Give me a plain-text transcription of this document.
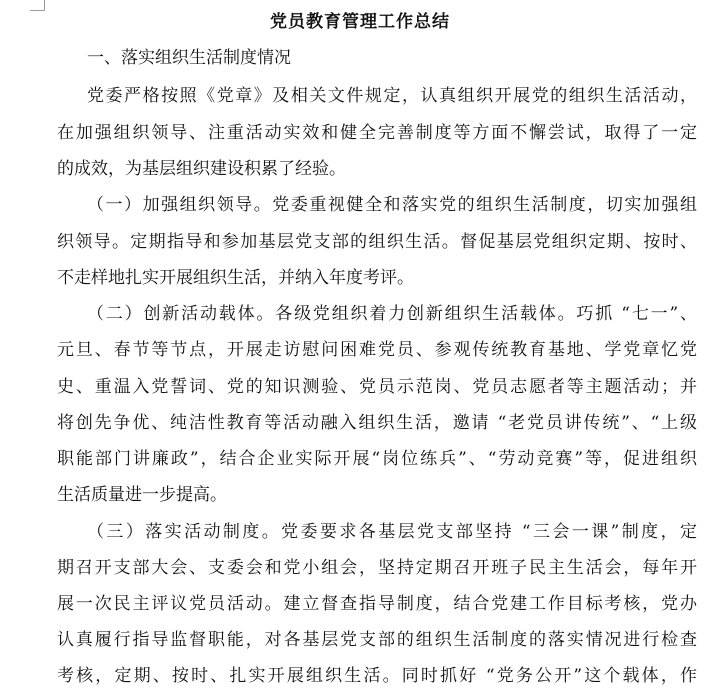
党员教育管理工作总结
一、落实组织生活制度情况
党委严格按照《党章》及相关文件规定，认真组织开展党的组织生活活动，
在加强组织领导、注重活动实效和健全完善制度等方面不懈尝试，取得了一定
的成效，为基层组织建设积累了经验。
（一）加强组织领导。党委重视健全和落实党的组织生活制度，切实加强组
织领导。定期指导和参加基层党支部的组织生活。督促基层党组织定期、按时、
不走样地扎实开展组织生活，并纳入年度考评。
（二）创新活动载体。各级党组织着力创新组织生活载体。巧抓 “七一”、
元旦、春节等节点，开展走访慰问困难党员、参观传统教育基地、学党章忆党
史、重温入党誓词、党的知识测验、党员示范岗、党员志愿者等主题活动；并
将创先争优、纯洁性教育等活动融入组织生活，邀请 “老党员讲传统”、“上级
职能部门讲廉政”，结合企业实际开展“岗位练兵”、“劳动竞赛”等，促进组织
生活质量进一步提高。
（三）落实活动制度。党委要求各基层党支部坚持 “三会一课”制度，定
期召开支部大会、支委会和党小组会，坚持定期召开班子民主生活会，每年开
展一次民主评议党员活动。建立督查指导制度，结合党建工作目标考核，党办
认真履行指导监督职能，对各基层党支部的组织生活制度的落实情况进行检查
考核，定期、按时、扎实开展组织生活。同时抓好 “党务公开”这个载体，作
